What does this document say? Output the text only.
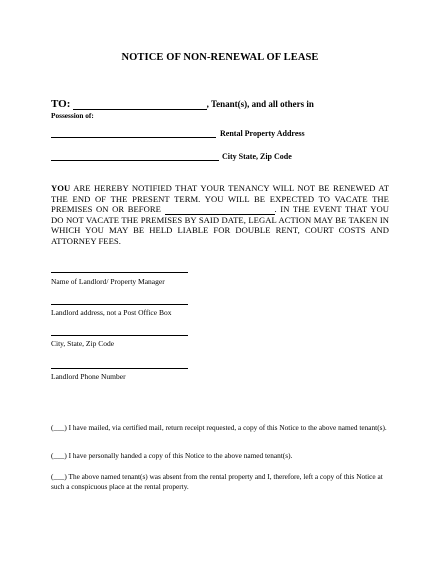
NOTICE OF NON-RENEWAL OF LEASE
TO:	, Tenant(s), and all others in
Possession of:
Rental Property Address
City State, Zip Code
YOU ARE HEREBY NOTIFIED THAT YOUR TENANCY WILL NOT BE RENEWED AT THE END OF THE PRESENT TERM. YOU WILL BE EXPECTED TO VACATE THE PREMISES ON OR BEFORE	. IN THE EVENT THAT YOU DO NOT VACATE THE PREMISES BY SAID DATE, LEGAL ACTION MAY BE TAKEN IN WHICH YOU MAY BE HELD LIABLE FOR DOUBLE RENT, COURT COSTS AND ATTORNEY FEES.
Name of Landlord/ Property Manager
Landlord address, not a Post Office Box
City, State, Zip Code
Landlord Phone Number
(___) I have mailed, via certified mail, return receipt requested, a copy of this Notice to the above named tenant(s).
(___) I have personally handed a copy of this Notice to the above named tenant(s).
(___) The above named tenant(s) was absent from the rental property and I, therefore, left a copy of this Notice at such a conspicuous place at the rental property.
